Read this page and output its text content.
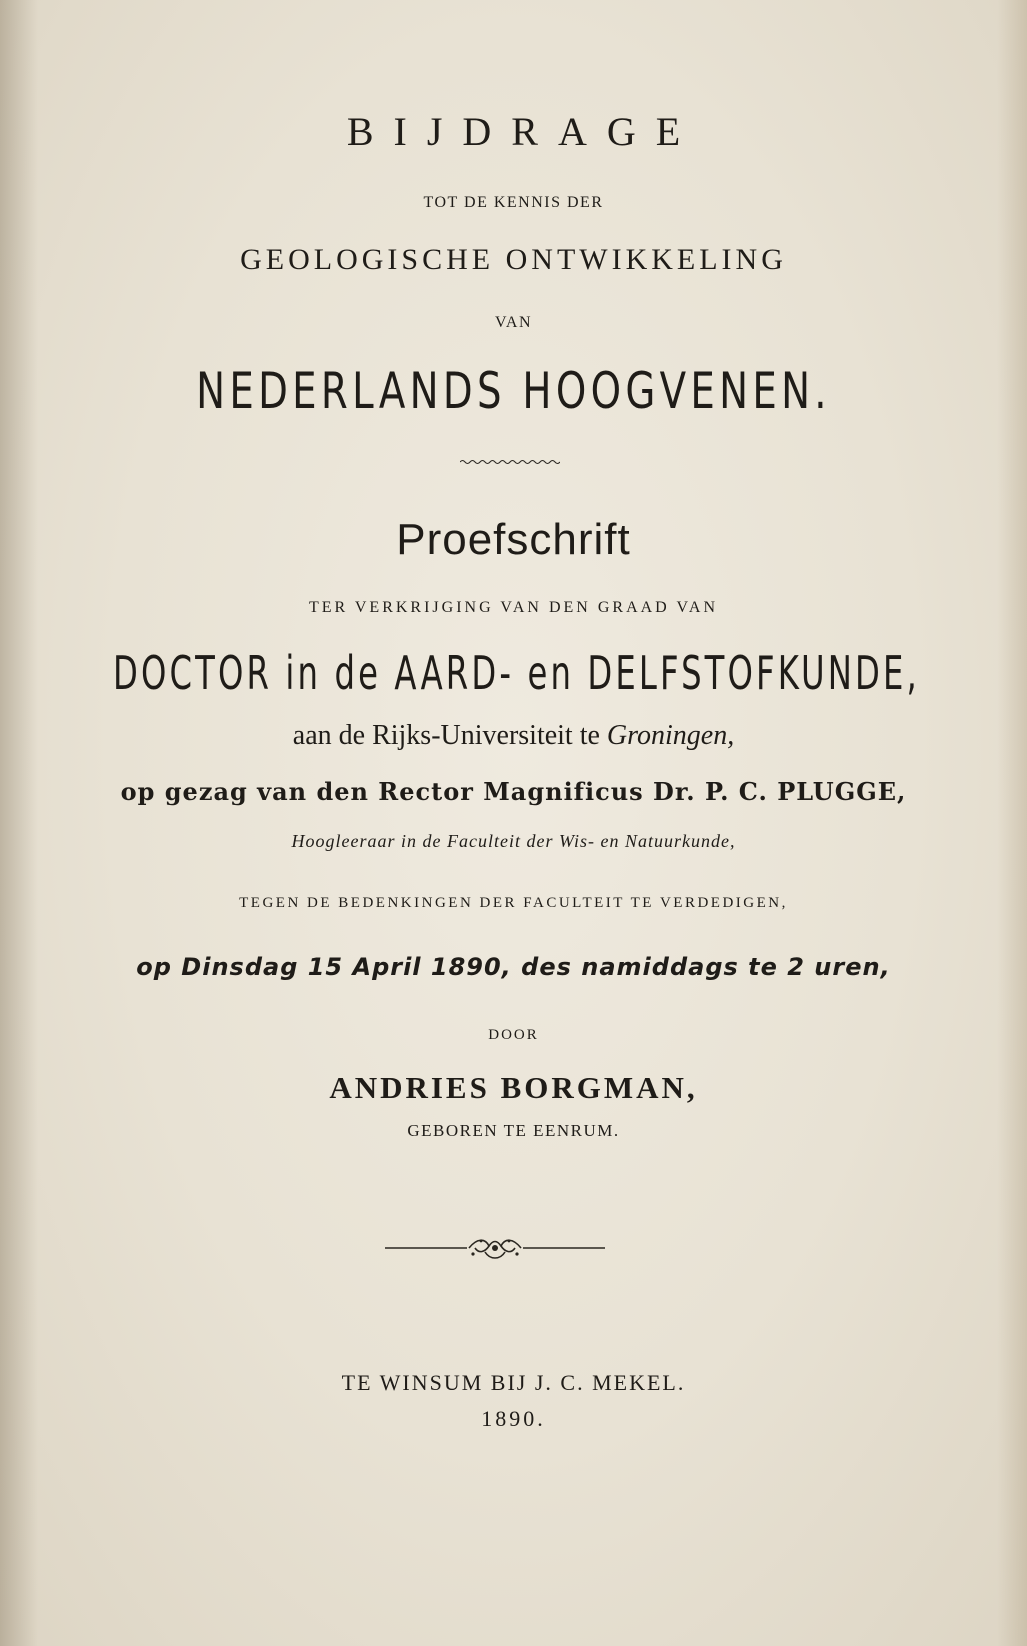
BIJDRAGE
TOT DE KENNIS DER
GEOLOGISCHE ONTWIKKELING
VAN
NEDERLANDS HOOGVENEN.
Proefschrift
TER VERKRIJGING VAN DEN GRAAD VAN
DOCTOR in de AARD- en DELFSTOFKUNDE,
aan de Rijks-Universiteit te Groningen,
op gezag van den Rector Magnificus Dr. P. C. PLUGGE,
Hoogleeraar in de Faculteit der Wis- en Natuurkunde,
TEGEN DE BEDENKINGEN DER FACULTEIT TE VERDEDIGEN,
op Dinsdag 15 April 1890, des namiddags te 2 uren,
DOOR
ANDRIES BORGMAN,
GEBOREN TE EENRUM.
TE WINSUM BIJ J. C. MEKEL.
1890.
